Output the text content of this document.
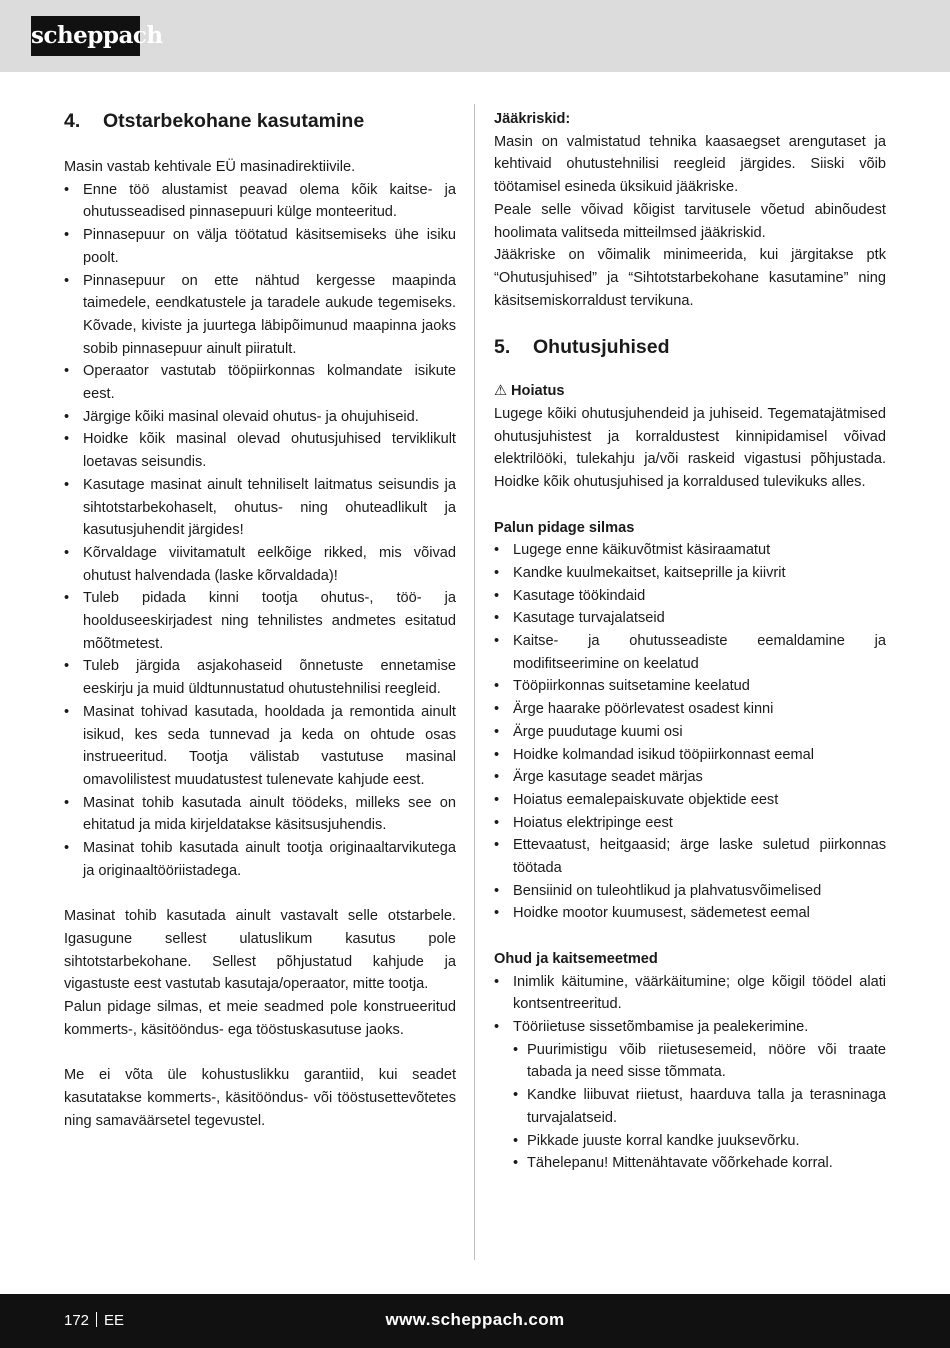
scheppach
4.	Otstarbekohane kasutamine
Masin vastab kehtivale EÜ masinadirektiivile.
• Enne töö alustamist peavad olema kõik kaitse- ja ohutusseadised pinnasepuuri külge monteeritud.
• Pinnasepuur on välja töötatud käsitsemiseks ühe isiku poolt.
• Pinnasepuur on ette nähtud kergesse maapinda taimedele, eendkatustele ja taradele aukude tegemiseks. Kõvade, kiviste ja juurtega läbipõimunud maapinna jaoks sobib pinnasepuur ainult piiratult.
• Operaator vastutab tööpiirkonnas kolmandate isikute eest.
• Järgige kõiki masinal olevaid ohutus- ja ohujuhiseid.
• Hoidke kõik masinal olevad ohutusjuhised terviklikult loetavas seisundis.
• Kasutage masinat ainult tehniliselt laitmatus seisundis ja sihtotstarbekohaselt, ohutus- ning ohuteadlikult ja kasutusjuhendit järgides!
• Kõrvaldage viivitamatult eelkõige rikked, mis võivad ohutust halvendada (laske kõrvaldada)!
• Tuleb pidada kinni tootja ohutus-, töö- ja hoolduseeskirjadest ning tehnilistes andmetes esitatud mõõtmetest.
• Tuleb järgida asjakohaseid õnnetuste ennetamise eeskirju ja muid üldtunnustatud ohutustehnilisi reegleid.
• Masinat tohivad kasutada, hooldada ja remontida ainult isikud, kes seda tunnevad ja keda on ohtude osas instrueeritud. Tootja välistab vastutuse masinal omavolilistest muudatustest tulenevate kahjude eest.
• Masinat tohib kasutada ainult töödeks, milleks see on ehitatud ja mida kirjeldatakse käsitsusjuhendis.
• Masinat tohib kasutada ainult tootja originaaltarvikutega ja originaaltööriistadega.
Masinat tohib kasutada ainult vastavalt selle otstarbele. Igasugune sellest ulatuslikum kasutus pole sihtotstarbekohane. Sellest põhjustatud kahjude ja vigastuste eest vastutab kasutaja/operaator, mitte tootja.
Palun pidage silmas, et meie seadmed pole konstrueeritud kommerts-, käsitööndus- ega tööstuskasutuse jaoks.
Me ei võta üle kohustuslikku garantiid, kui seadet kasutatakse kommerts-, käsitööndus- või tööstusettevõtetes ning samaväärsetel tegevustel.
Jääkriskid:
Masin on valmistatud tehnika kaasaegset arengutaset ja kehtivaid ohutustehnilisi reegleid järgides. Siiski võib töötamisel esineda üksikuid jääkriske.
Peale selle võivad kõigist tarvitusele võetud abinõudest hoolimata valitseda mitteilmsed jääkriskid.
Jääkriske on võimalik minimeerida, kui järgitakse ptk “Ohutusjuhised” ja “Sihtotstarbekohane kasutamine” ning käsitsemiskorraldust tervikuna.
5.	Ohutusjuhised
⚠ Hoiatus
Lugege kõiki ohutusjuhendeid ja juhiseid. Tegematajätmised ohutusjuhistest ja korraldustest kinnipidamisel võivad elektrilööki, tulekahju ja/või raskeid vigastusi põhjustada. Hoidke kõik ohutusjuhised ja korraldused tulevikuks alles.
Palun pidage silmas
• Lugege enne käikuvõtmist käsiraamatut
• Kandke kuulmekaitset, kaitseprille ja kiivrit
• Kasutage töökindaid
• Kasutage turvajalatseid
• Kaitse- ja ohutusseadiste eemaldamine ja modifitseerimine on keelatud
• Tööpiirkonnas suitsetamine keelatud
• Ärge haarake pöörlevatest osadest kinni
• Ärge puudutage kuumi osi
• Hoidke kolmandad isikud tööpiirkonnast eemal
• Ärge kasutage seadet märjas
• Hoiatus eemalepaiskuvate objektide eest
• Hoiatus elektripinge eest
• Ettevaatust, heitgaasid; ärge laske suletud piirkonnas töötada
• Bensiinid on tuleohtlikud ja plahvatusvõimelised
• Hoidke mootor kuumusest, sädemetest eemal
Ohud ja kaitsemeetmed
• Inimlik käitumine, väärkäitumine; olge kõigil töödel alati kontsentreeritud.
• Tööriietuse sissetõmbamise ja pealekerimine.
• Puurimistigu võib riietusesemeid, nööre või traate tabada ja need sisse tõmmata.
• Kandke liibuvat riietust, haarduva talla ja terasninaga turvajalatseid.
• Pikkade juuste korral kandke juuksevõrku.
• Tähelepanu! Mittenähtavate võõrkehade korral.
172 EE	www.scheppach.com
